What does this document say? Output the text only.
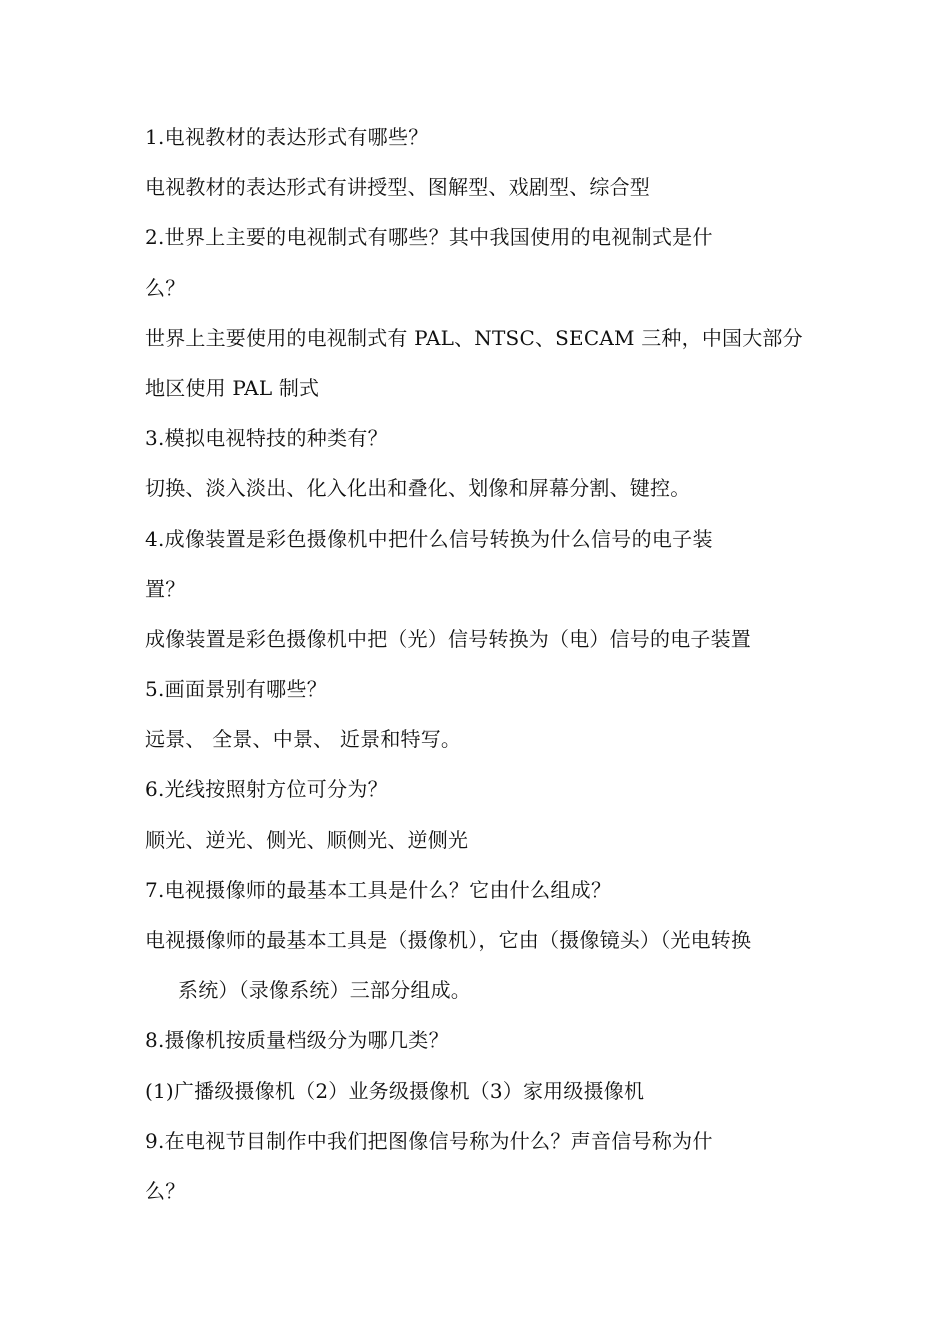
1.电视教材的表达形式有哪些？

电视教材的表达形式有讲授型、图解型、戏剧型、综合型

2.世界上主要的电视制式有哪些？其中我国使用的电视制式是什

么？

世界上主要使用的电视制式有 PAL、NTSC、SECAM 三种，中国大部分

地区使用 PAL 制式

3.模拟电视特技的种类有？

切换、淡入淡出、化入化出和叠化、划像和屏幕分割、键控。

4.成像装置是彩色摄像机中把什么信号转换为什么信号的电子装

置？

成像装置是彩色摄像机中把（光）信号转换为（电）信号的电子装置

5.画面景别有哪些？

远景、 全景、中景、 近景和特写。

6.光线按照射方位可分为？

顺光、逆光、侧光、顺侧光、逆侧光

7.电视摄像师的最基本工具是什么？它由什么组成？

电视摄像师的最基本工具是（摄像机），它由（摄像镜头）（光电转换

系统）（录像系统）三部分组成。

8.摄像机按质量档级分为哪几类？

(1)广播级摄像机（2）业务级摄像机（3）家用级摄像机

9.在电视节目制作中我们把图像信号称为什么？声音信号称为什

么？
